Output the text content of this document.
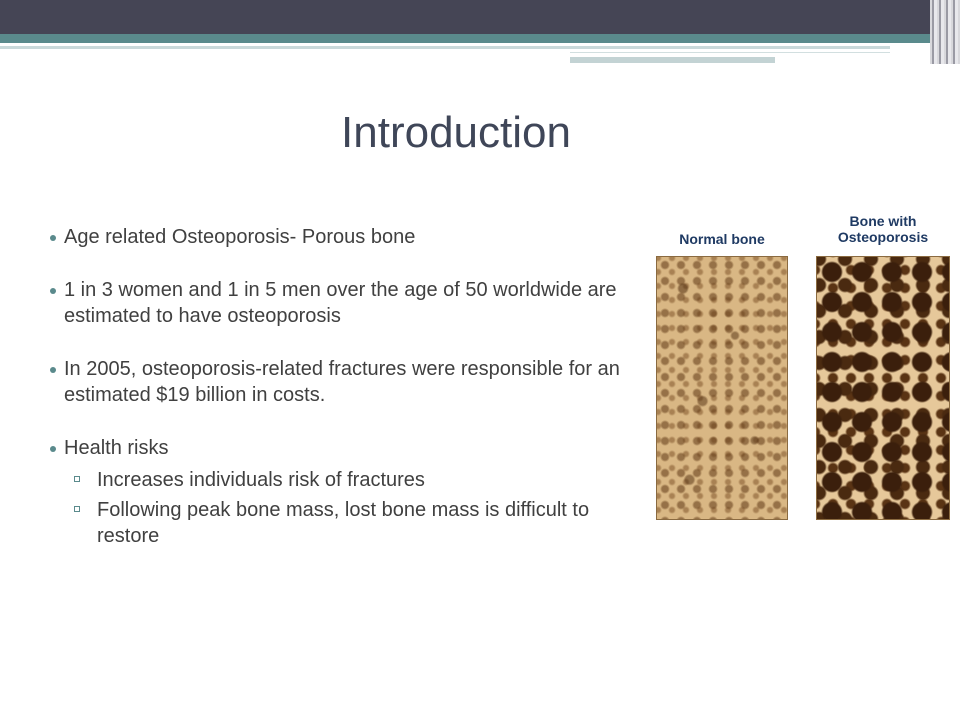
Introduction
Age related Osteoporosis- Porous bone
1 in 3 women and 1 in 5 men over the age of 50 worldwide are estimated to have osteoporosis
In 2005, osteoporosis-related fractures were responsible for an estimated $19 billion in costs.
Health risks
Increases individuals risk of fractures
Following peak bone mass, lost bone mass is difficult to restore
Normal bone
Bone with
Osteoporosis
